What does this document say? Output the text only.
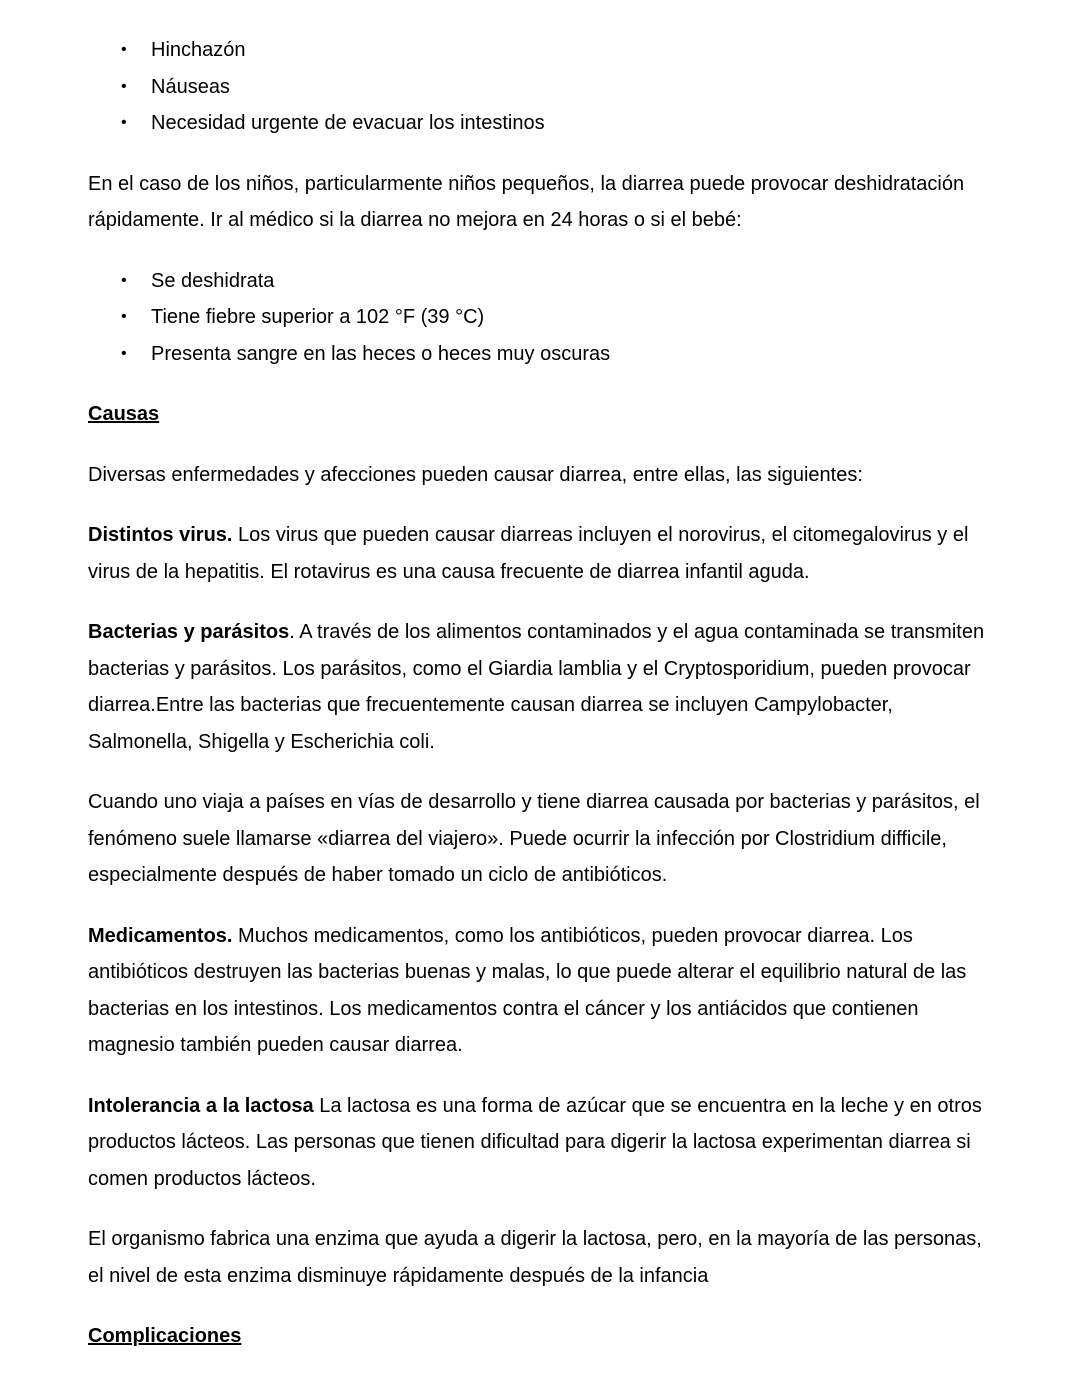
• Hinchazón
• Náuseas
• Necesidad urgente de evacuar los intestinos

En el caso de los niños, particularmente niños pequeños, la diarrea puede provocar deshidratación rápidamente. Ir al médico si la diarrea no mejora en 24 horas o si el bebé:

• Se deshidrata
• Tiene fiebre superior a 102 °F (39 °C)
• Presenta sangre en las heces o heces muy oscuras
Causas

Diversas enfermedades y afecciones pueden causar diarrea, entre ellas, las siguientes:

Distintos virus. Los virus que pueden causar diarreas incluyen el norovirus, el citomegalovirus y el virus de la hepatitis. El rotavirus es una causa frecuente de diarrea infantil aguda.

Bacterias y parásitos. A través de los alimentos contaminados y el agua contaminada se transmiten bacterias y parásitos. Los parásitos, como el Giardia lamblia y el Cryptosporidium, pueden provocar diarrea.Entre las bacterias que frecuentemente causan diarrea se incluyen Campylobacter, Salmonella, Shigella y Escherichia coli.

Cuando uno viaja a países en vías de desarrollo y tiene diarrea causada por bacterias y parásitos, el fenómeno suele llamarse «diarrea del viajero». Puede ocurrir la infección por Clostridium difficile, especialmente después de haber tomado un ciclo de antibióticos.

Medicamentos. Muchos medicamentos, como los antibióticos, pueden provocar diarrea. Los antibióticos destruyen las bacterias buenas y malas, lo que puede alterar el equilibrio natural de las bacterias en los intestinos. Los medicamentos contra el cáncer y los antiácidos que contienen magnesio también pueden causar diarrea.

Intolerancia a la lactosa La lactosa es una forma de azúcar que se encuentra en la leche y en otros productos lácteos. Las personas que tienen dificultad para digerir la lactosa experimentan diarrea si comen productos lácteos.

El organismo fabrica una enzima que ayuda a digerir la lactosa, pero, en la mayoría de las personas, el nivel de esta enzima disminuye rápidamente después de la infancia

Complicaciones
